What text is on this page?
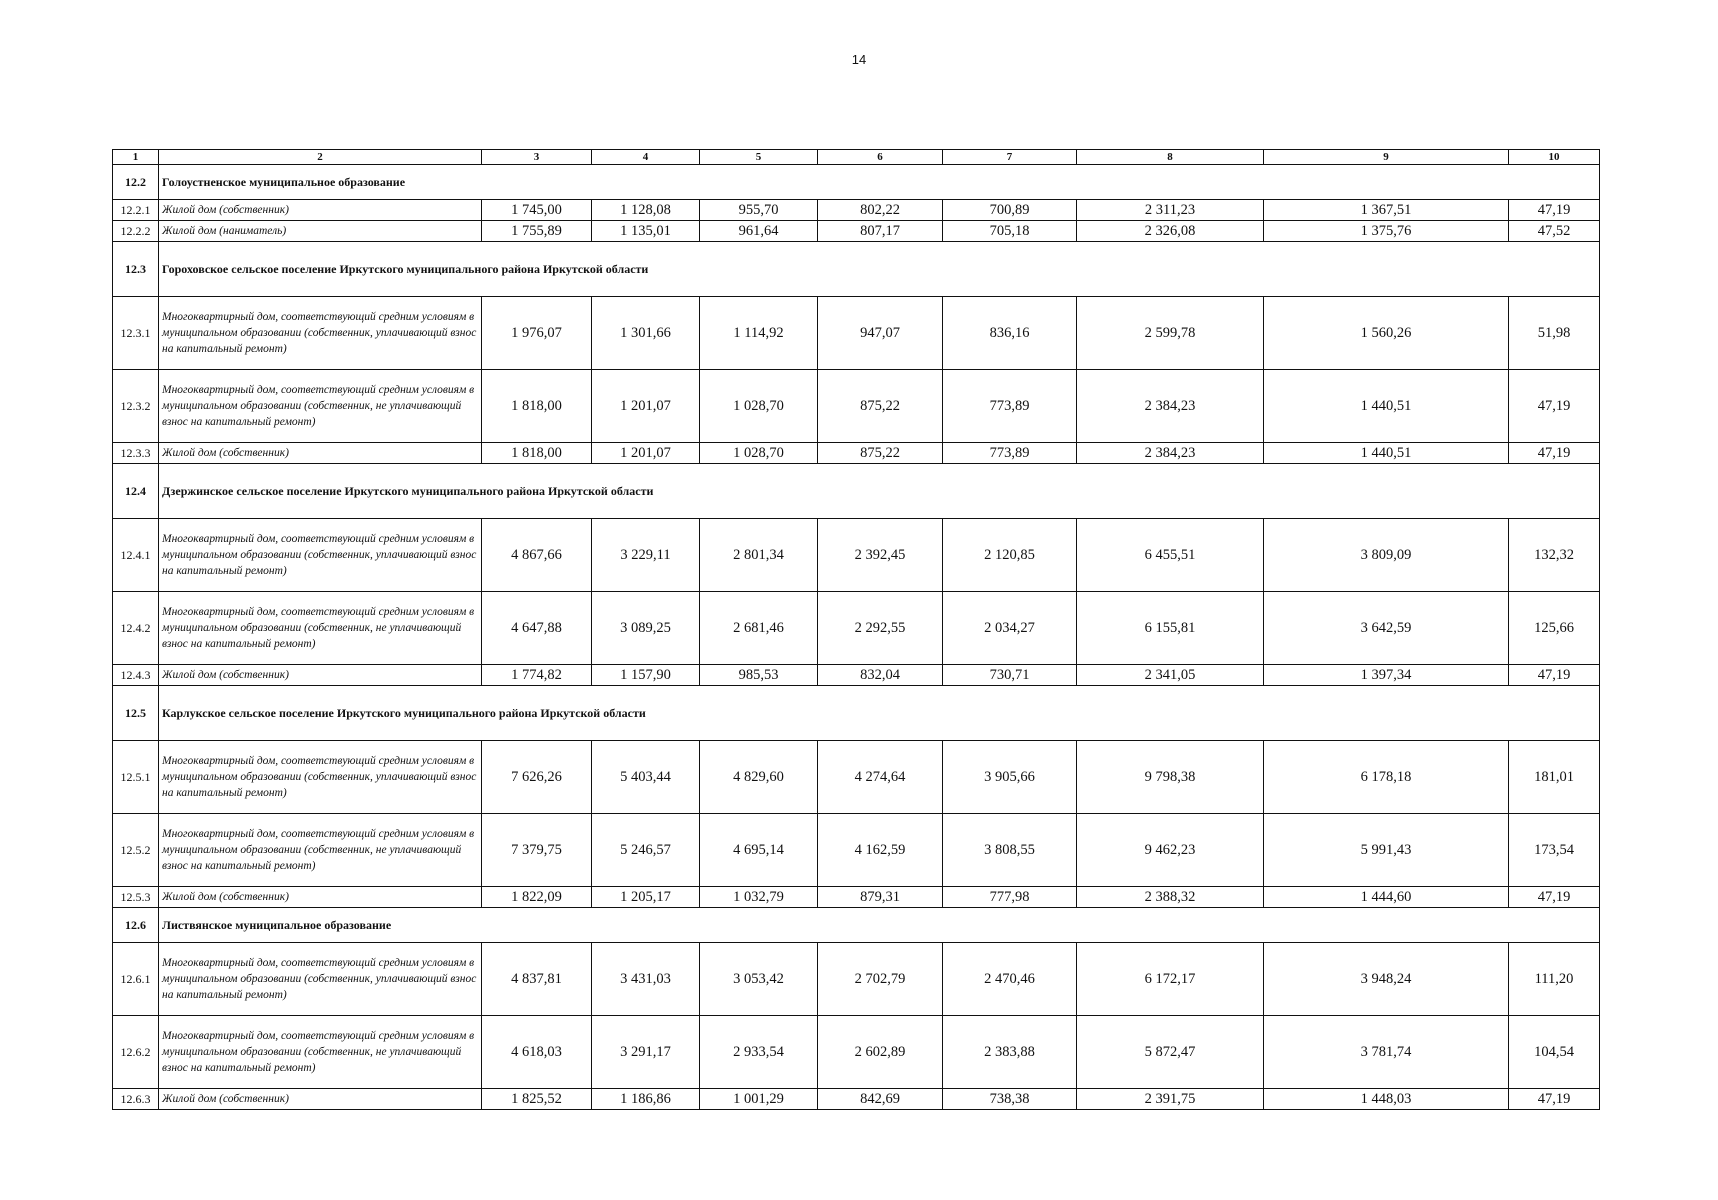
14
1	2	3	4	5	6	7	8	9	10
12.2	Голоустненское муниципальное образование								
12.2.1	Жилой дом (собственник)	1 745,00	1 128,08	955,70	802,22	700,89	2 311,23	1 367,51	47,19
12.2.2	Жилой дом (наниматель)	1 755,89	1 135,01	961,64	807,17	705,18	2 326,08	1 375,76	47,52
12.3	Гороховское сельское поселение Иркутского муниципального района Иркутской области								
12.3.1	Многоквартирный дом, соответствующий средним условиям в муниципальном образовании (собственник, уплачивающий взнос на капитальный ремонт)	1 976,07	1 301,66	1 114,92	947,07	836,16	2 599,78	1 560,26	51,98
12.3.2	Многоквартирный дом, соответствующий средним условиям в муниципальном образовании (собственник, не уплачивающий взнос на капитальный ремонт)	1 818,00	1 201,07	1 028,70	875,22	773,89	2 384,23	1 440,51	47,19
12.3.3	Жилой дом (собственник)	1 818,00	1 201,07	1 028,70	875,22	773,89	2 384,23	1 440,51	47,19
12.4	Дзержинское сельское поселение Иркутского муниципального района Иркутской области								
12.4.1	Многоквартирный дом, соответствующий средним условиям в муниципальном образовании (собственник, уплачивающий взнос на капитальный ремонт)	4 867,66	3 229,11	2 801,34	2 392,45	2 120,85	6 455,51	3 809,09	132,32
12.4.2	Многоквартирный дом, соответствующий средним условиям в муниципальном образовании (собственник, не уплачивающий взнос на капитальный ремонт)	4 647,88	3 089,25	2 681,46	2 292,55	2 034,27	6 155,81	3 642,59	125,66
12.4.3	Жилой дом (собственник)	1 774,82	1 157,90	985,53	832,04	730,71	2 341,05	1 397,34	47,19
12.5	Карлукское сельское поселение Иркутского муниципального района Иркутской области								
12.5.1	Многоквартирный дом, соответствующий средним условиям в муниципальном образовании (собственник, уплачивающий взнос на капитальный ремонт)	7 626,26	5 403,44	4 829,60	4 274,64	3 905,66	9 798,38	6 178,18	181,01
12.5.2	Многоквартирный дом, соответствующий средним условиям в муниципальном образовании (собственник, не уплачивающий взнос на капитальный ремонт)	7 379,75	5 246,57	4 695,14	4 162,59	3 808,55	9 462,23	5 991,43	173,54
12.5.3	Жилой дом (собственник)	1 822,09	1 205,17	1 032,79	879,31	777,98	2 388,32	1 444,60	47,19
12.6	Листвянское муниципальное образование								
12.6.1	Многоквартирный дом, соответствующий средним условиям в муниципальном образовании (собственник, уплачивающий взнос на капитальный ремонт)	4 837,81	3 431,03	3 053,42	2 702,79	2 470,46	6 172,17	3 948,24	111,20
12.6.2	Многоквартирный дом, соответствующий средним условиям в муниципальном образовании (собственник, не уплачивающий взнос на капитальный ремонт)	4 618,03	3 291,17	2 933,54	2 602,89	2 383,88	5 872,47	3 781,74	104,54
12.6.3	Жилой дом (собственник)	1 825,52	1 186,86	1 001,29	842,69	738,38	2 391,75	1 448,03	47,19
